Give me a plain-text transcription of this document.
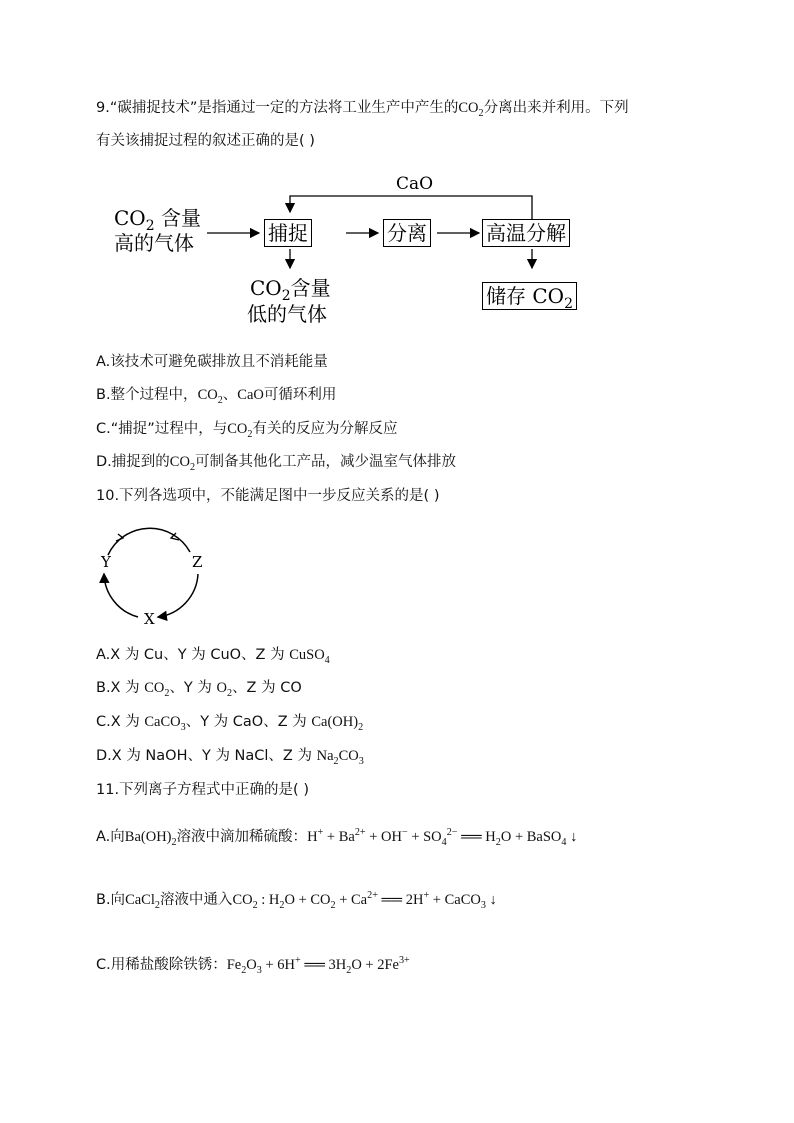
9.“碳捕捉技术”是指通过一定的方法将工业生产中产生的$CO_2$分离出来并利用。下列
有关该捕捉过程的叙述正确的是( )
CaO
$CO_2$ 含量
高的气体	捕捉	分离	高温分解
$CO_2$含量
低的气体
储存 $CO_2$
A.该技术可避免碳排放且不消耗能量
B.整个过程中，$CO_2$、CaO可循环利用
C.“捕捉”过程中，与$CO_2$有关的反应为分解反应
D.捕捉到的$CO_2$可制备其他化工产品，减少温室气体排放
10.下列各选项中，不能满足图中一步反应关系的是( )
Y	Z
X
A.X 为 Cu、Y 为 CuO、Z 为 CuSO$_4$
B.X 为 $CO_2$、Y 为 $O_2$、Z 为 CO
C.X 为 CaCO$_3$、Y 为 CaO、Z 为 $Ca(OH)_2$
D.X 为 NaOH、Y 为 NaCl、Z 为 $Na_2CO_3$
11.下列离子方程式中正确的是( )
A.向$Ba(OH)_2$溶液中滴加稀硫酸：$H^+ + Ba^{2+} + OH^- + SO_4^{2-}$ ══ $H_2O$ + BaSO$_4$ ↓
B.向CaCl$_2$溶液中通入$CO_2$ : $H_2O + CO_2 + Ca^{2+}$ ══ 2H+ + CaCO$_3$ ↓
C.用稀盐酸除铁锈：$Fe_2O_3 + 6H^+$ ══ $3H_2O + 2Fe^{3+}$
